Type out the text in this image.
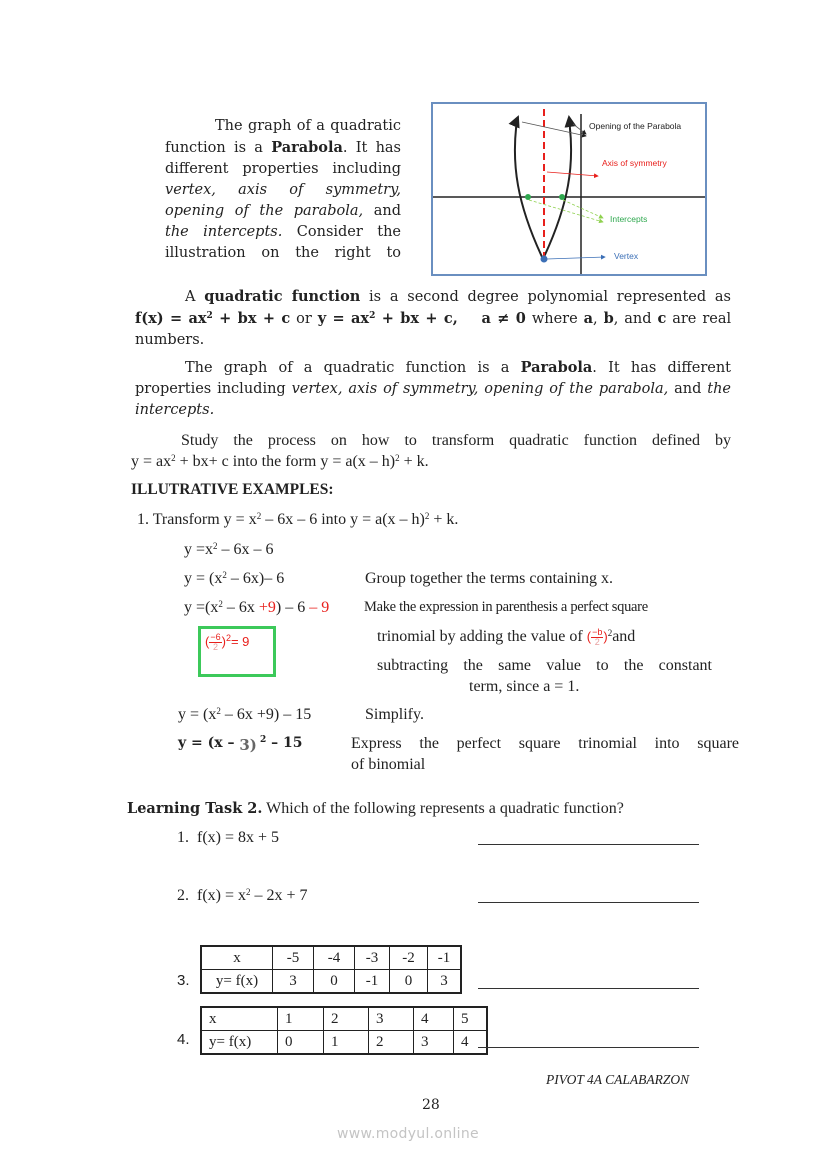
The graph of a quadratic
function is a Parabola. It has
different properties including
vertex, axis of symmetry,
opening of the parabola, and
the intercepts. Consider the
illustration on the right to
Opening of the Parabola
Axis of symmetry
Intercepts
Vertex
A quadratic function is a second degree polynomial represented as
$f(x) = ax^2$ + bx + c or $y = ax^2$ + bx + c, a ≠ 0 where a, b, and c are real
numbers.
The graph of a quadratic function is a Parabola. It has different
properties including vertex, axis of symmetry, opening of the parabola, and the
intercepts.
Study the process on how to transform quadratic function defined by
$y = ax^2 + bx+ c$ into the form y = a(x – h)$^2$ + k.
ILLUTRATIVE EXAMPLES:
1. Transform $y = x^2 - 6x - 6$ into y = a(x – h)$^2$ + k.
$y =x^2 - 6x - 6$
$y = (x^2 - 6x)-$ 6	Group together the terms containing x.
$y =(x^2 - 6x +9) - 6 - 9$ Make the expression in parenthesis a perfect square
( $\frac{-6}{2} )^2= 9$	trinomial by adding the value of ( $\frac{-b}{2} )^2and$
subtracting the same value to the constant
term, since a = 1.
$y = (x^2 - 6x +9) - 15$	Simplify.
y = (x – 3) $^2$ – 15	Express the perfect square trinomial into square
of binomial
Learning Task 2. Which of the following represents a quadratic function?
1. f(x) = 8x + 5
2. $f(x) = x^2 - 2x + 7$
3.
x	-5	-4	-3	-2	-1
y= f(x)	3	0	-1	0	3
4.
x	1	2	3	4	5
y= f(x)	0	1	2	3	4
PIVOT 4A CALABARZON
28
www.modyul.online
